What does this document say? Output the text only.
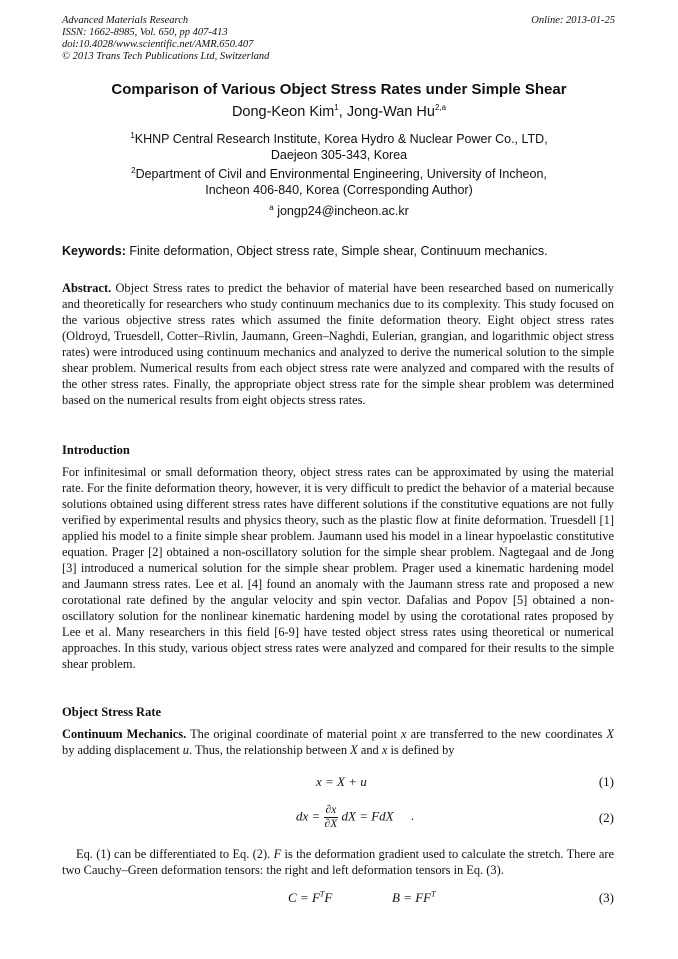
Advanced Materials Research
ISSN: 1662-8985, Vol. 650, pp 407-413
doi:10.4028/www.scientific.net/AMR.650.407
© 2013 Trans Tech Publications Ltd, Switzerland
Online: 2013-01-25
Comparison of Various Object Stress Rates under Simple Shear
Dong-Keon Kim$^1$, Jong-Wan Hu$^{2,a}$
$^1$KHNP Central Research Institute, Korea Hydro & Nuclear Power Co., LTD,
Daejeon 305-343, Korea
$^2$Department of Civil and Environmental Engineering, University of Incheon,
Incheon 406-840, Korea (Corresponding Author)
$^a$ jongp24@incheon.ac.kr
Keywords: Finite deformation, Object stress rate, Simple shear, Continuum mechanics.
Abstract. Object Stress rates to predict the behavior of material have been researched based on numerically and theoretically for researchers who study continuum mechanics due to its complexity. This study focused on the various objective stress rates which assumed the finite deformation theory. Eight object stress rates (Oldroyd, Truesdell, Cotter–Rivlin, Jaumann, Green–Naghdi, Eulerian, grangian, and logarithmic object stress rates) were introduced using continuum mechanics and analyzed to derive the numerical solution to the simple shear problem. Numerical results from each object stress rate were analyzed and compared with the results of the other stress rates. Finally, the appropriate object stress rate for the simple shear problem was determined based on the numerical results from eight objects stress rates.
Introduction
For infinitesimal or small deformation theory, object stress rates can be approximated by using the material rate. For the finite deformation theory, however, it is very difficult to predict the behavior of a material because solutions obtained using different stress rates have different solutions if the constitutive equations are not fully verified by experimental results and physics theory, such as the plastic flow at finite deformation. Truesdell [1] applied his model to a finite simple shear problem. Jaumann used his model in a linear hypoelastic constitutive equation. Prager [2] obtained a non-oscillatory solution for the simple shear problem. Nagtegaal and de Jong [3] introduced a numerical solution for the simple shear problem. Prager used a kinematic hardening model and Jaumann stress rates. Lee et al. [4] found an anomaly with the Jaumann stress rate and proposed a new corotational rate defined by the angular velocity and spin vector. Dafalias and Popov [5] obtained a non-oscillatory solution for the nonlinear kinematic hardening model by using the corotational rates proposed by Lee et al. Many researchers in this field [6-9] have tested object stress rates using theoretical or numerical approaches. In this study, various object stress rates were analyzed and compared for their results to the simple shear problem.
Object Stress Rate
Continuum Mechanics. The original coordinate of material point x are transferred to the new coordinates X by adding displacement u. Thus, the relationship between X and x is defined by
x = X + u	(1)
dx = $\frac{\partial x}{\partial X}$ dX = FdX .	(2)
Eq. (1) can be differentiated to Eq. (2). F is the deformation gradient used to calculate the stretch. There are two Cauchy–Green deformation tensors: the right and left deformation tensors in Eq. (3).
$C = F^TF$	$B = FF^T$	(3)
